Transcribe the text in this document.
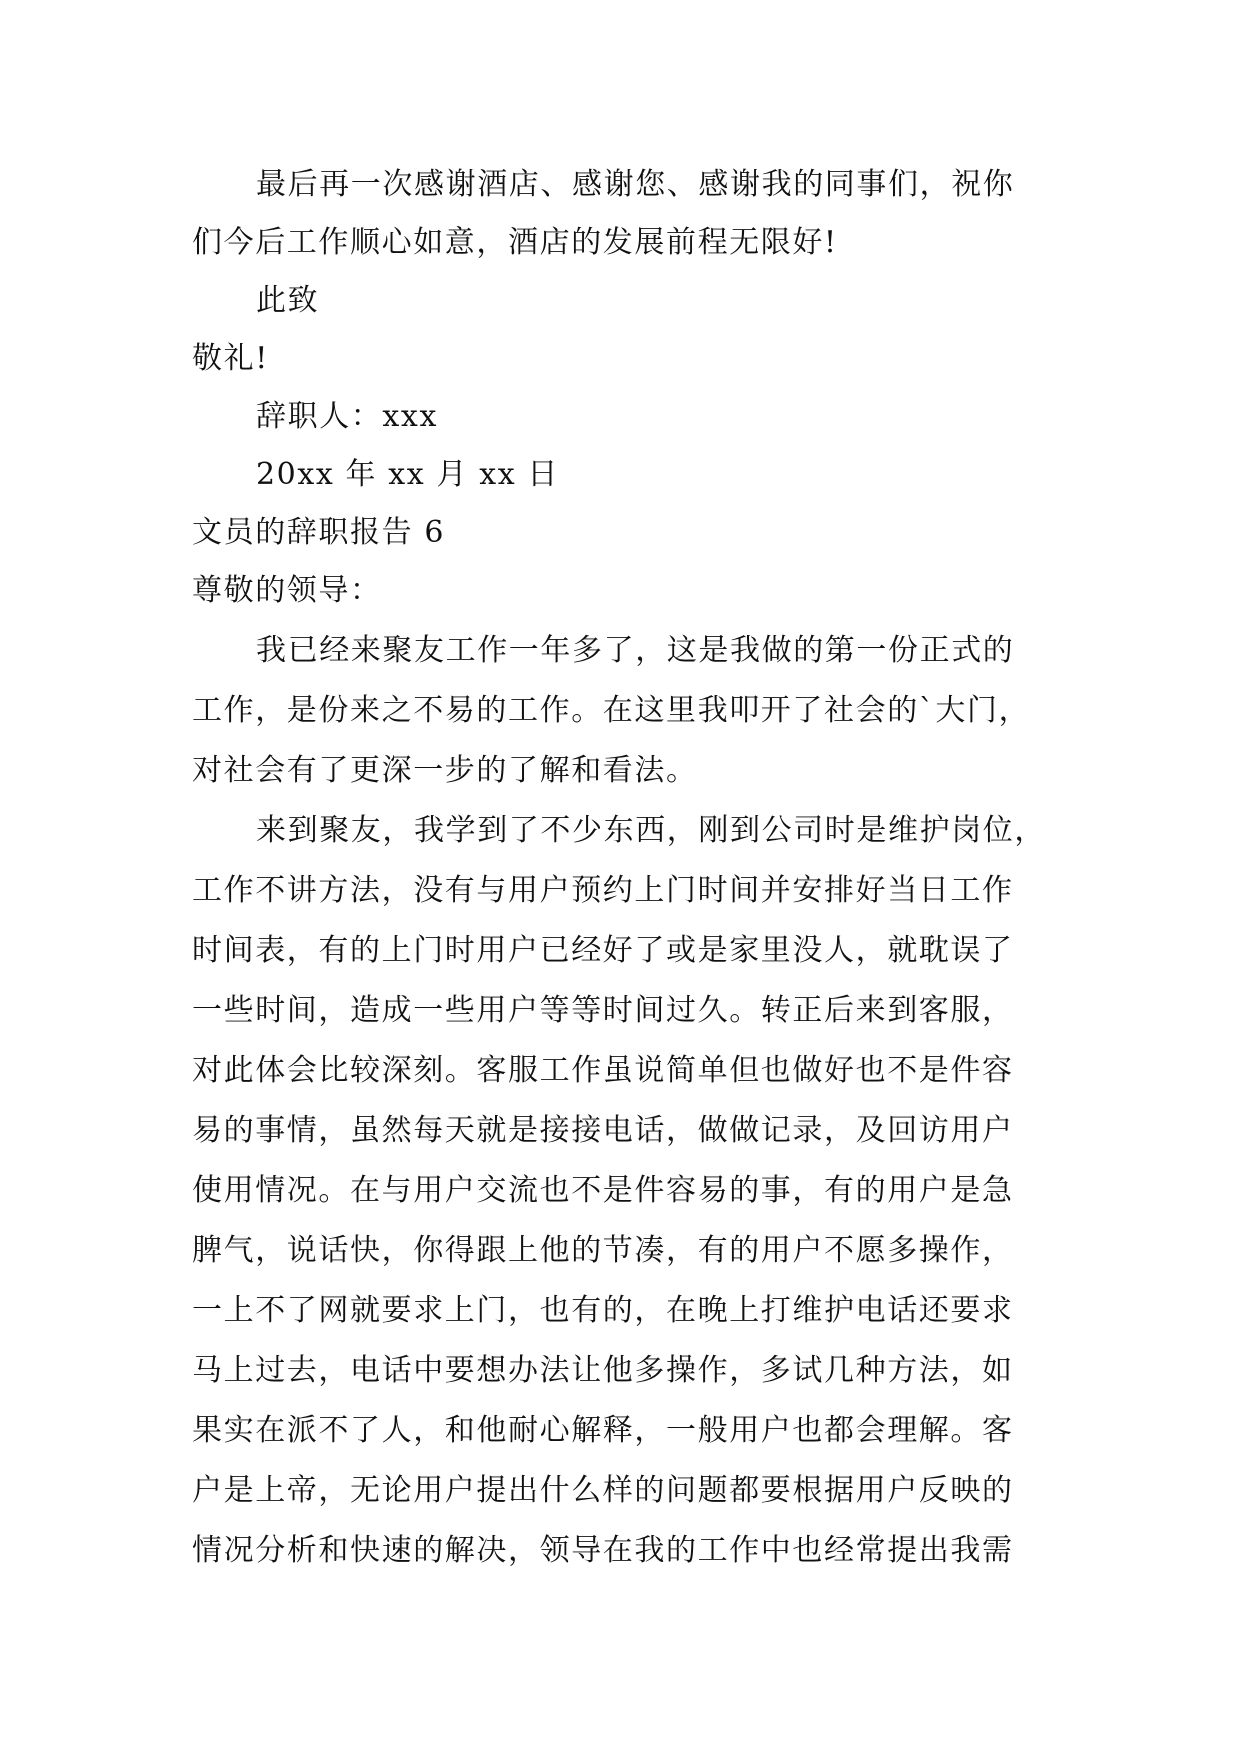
最后再一次感谢酒店、感谢您、感谢我的同事们，祝你
们今后工作顺心如意，酒店的发展前程无限好!
此致
敬礼!
辞职人：xxx
20xx 年 xx 月 xx 日
文员的辞职报告 6
尊敬的领导：
我已经来聚友工作一年多了，这是我做的第一份正式的
工作，是份来之不易的工作。在这里我叩开了社会的`大门，
对社会有了更深一步的了解和看法。
来到聚友，我学到了不少东西，刚到公司时是维护岗位，
工作不讲方法，没有与用户预约上门时间并安排好当日工作
时间表，有的上门时用户已经好了或是家里没人，就耽误了
一些时间，造成一些用户等等时间过久。转正后来到客服，
对此体会比较深刻。客服工作虽说简单但也做好也不是件容
易的事情，虽然每天就是接接电话，做做记录，及回访用户
使用情况。在与用户交流也不是件容易的事，有的用户是急
脾气，说话快，你得跟上他的节凑，有的用户不愿多操作，
一上不了网就要求上门，也有的，在晚上打维护电话还要求
马上过去，电话中要想办法让他多操作，多试几种方法，如
果实在派不了人，和他耐心解释，一般用户也都会理解。客
户是上帝，无论用户提出什么样的问题都要根据用户反映的
情况分析和快速的解决，领导在我的工作中也经常提出我需
